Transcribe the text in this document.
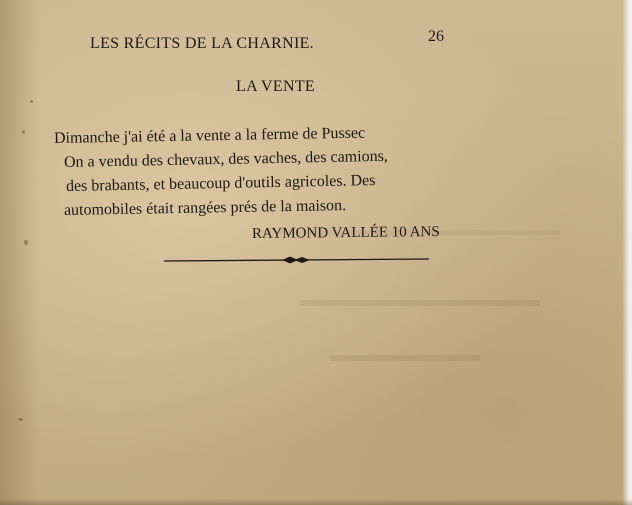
LES RÉCITS DE LA CHARNIE.	26
LA VENTE
Dimanche j'ai été a la vente a la ferme de Pussec
On a vendu des chevaux, des vaches, des camions,
des brabants, et beaucoup d'outils agricoles. Des
automobiles était rangées prés de la maison.
RAYMOND VALLÉE 10 ANS
